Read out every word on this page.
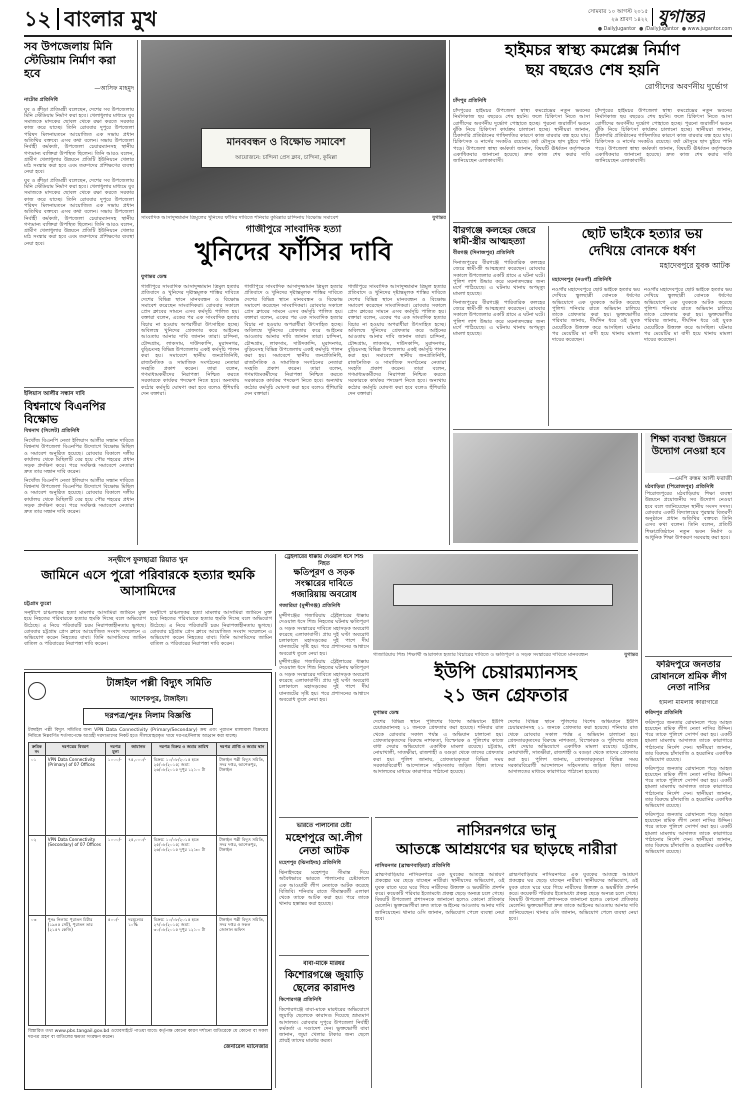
১২ বাংলার মুখ	সোমবার ১০ আগস্ট ২০১৫
২৬ শ্রাবণ ১৪২২ যুগান্তর
● DailyJugantor ● /DailyJugantor ● www.jugantor.com
সব উপজেলায় মিনি স্টেডিয়াম নির্মাণ করা হবে
—আসিফ মাহমুদ
নাটোর প্রতিনিধি
যুব ও ক্রীড়া প্রতিমন্ত্রী বলেছেন, দেশের সব উপজেলায় মিনি স্টেডিয়াম নির্মাণ করা হবে। খেলাধুলার মাধ্যমে যুব সমাজকে মাদকের ছোবল থেকে রক্ষা করতে সরকার কাজ করে যাচ্ছে। তিনি রোববার দুপুরে উপজেলা পরিষদ মিলনায়তনে আয়োজিত এক সভায় প্রধান অতিথির বক্তব্যে এসব কথা বলেন। সভায় উপজেলা নির্বাহী কর্মকর্তা, উপজেলা চেয়ারম্যানসহ স্থানীয় গণ্যমান্য ব্যক্তিরা উপস্থিত ছিলেন। তিনি আরও বলেন, গ্রামীণ খেলাধুলার উন্নয়নে প্রতিটি ইউনিয়নে খেলার মাঠ সংস্কার করা হবে এবং তরুণদের প্রশিক্ষণের ব্যবস্থা নেয়া হবে।
যুব ও ক্রীড়া প্রতিমন্ত্রী বলেছেন, দেশের সব উপজেলায় মিনি স্টেডিয়াম নির্মাণ করা হবে। খেলাধুলার মাধ্যমে যুব সমাজকে মাদকের ছোবল থেকে রক্ষা করতে সরকার কাজ করে যাচ্ছে। তিনি রোববার দুপুরে উপজেলা পরিষদ মিলনায়তনে আয়োজিত এক সভায় প্রধান অতিথির বক্তব্যে এসব কথা বলেন। সভায় উপজেলা নির্বাহী কর্মকর্তা, উপজেলা চেয়ারম্যানসহ স্থানীয় গণ্যমান্য ব্যক্তিরা উপস্থিত ছিলেন। তিনি আরও বলেন, গ্রামীণ খেলাধুলার উন্নয়নে প্রতিটি ইউনিয়নে খেলার মাঠ সংস্কার করা হবে এবং তরুণদের প্রশিক্ষণের ব্যবস্থা নেয়া হবে।
ইলিয়াস আলীর সন্ধান দাবি
বিশ্বনাথে বিএনপির বিক্ষোভ
বিশ্বনাথ (সিলেট) প্রতিনিধি
নিখোঁজ বিএনপি নেতা ইলিয়াস আলীর সন্ধান দাবিতে বিশ্বনাথ উপজেলা বিএনপির উদ্যোগে বিক্ষোভ মিছিল ও সমাবেশ অনুষ্ঠিত হয়েছে। রোববার বিকালে দলীয় কার্যালয় থেকে মিছিলটি বের হয়ে পৌর শহরের প্রধান সড়ক প্রদক্ষিণ করে। পরে সংক্ষিপ্ত সমাবেশে নেতারা দ্রুত তার সন্ধান দাবি করেন।
নিখোঁজ বিএনপি নেতা ইলিয়াস আলীর সন্ধান দাবিতে বিশ্বনাথ উপজেলা বিএনপির উদ্যোগে বিক্ষোভ মিছিল ও সমাবেশ অনুষ্ঠিত হয়েছে। রোববার বিকালে দলীয় কার্যালয় থেকে মিছিলটি বের হয়ে পৌর শহরের প্রধান সড়ক প্রদক্ষিণ করে। পরে সংক্ষিপ্ত সমাবেশে নেতারা দ্রুত তার সন্ধান দাবি করেন।
মানববন্ধন ও বিক্ষোভ সমাবেশ
আয়োজনে: চান্দিনা প্রেস ক্লাব, চান্দিনা, কুমিল্লা
সাংবাদিক আসাদুজ্জামান ত্রিমুলের খুনিদের ফাঁসির দাবিতে শনিবার কুমিল্লার চান্দিনায় বিক্ষোভ সমাবেশ	যুগান্তর
গাজীপুরে সাংবাদিক হত্যা
খুনিদের ফাঁসির দাবি
যুগান্তর ডেস্ক
গাজীপুরে সাংবাদিক আসাদুজ্জামান ত্রিমুল হত্যার প্রতিবাদে ও খুনিদের দৃষ্টান্তমূলক শাস্তির দাবিতে দেশের বিভিন্ন স্থানে মানববন্ধন ও বিক্ষোভ সমাবেশ করেছেন সাংবাদিকরা। রোববার সকালে প্রেস ক্লাবের সামনে এসব কর্মসূচি পালিত হয়। বক্তারা বলেন, একের পর এক সাংবাদিক হত্যার বিচার না হওয়ায় অপরাধীরা উৎসাহিত হচ্ছে। অবিলম্বে খুনিদের গ্রেফতার করে আইনের আওতায় আনার দাবি জানান তারা। চান্দিনা, চৌদ্দগ্রাম, লাকসাম, দাউদকান্দি, মুরাদনগর, বুড়িচংসহ বিভিন্ন উপজেলায় একই কর্মসূচি পালন করা হয়। সমাবেশে স্থানীয় জনপ্রতিনিধি, রাজনৈতিক ও সামাজিক সংগঠনের নেতারা সংহতি প্রকাশ করেন। তারা বলেন, গণমাধ্যমকর্মীদের নিরাপত্তা নিশ্চিত করতে সরকারকে কার্যকর পদক্ষেপ নিতে হবে। অন্যথায় কঠোর কর্মসূচি ঘোষণা করা হবে বলেও হুঁশিয়ারি দেন বক্তারা।
গাজীপুরে সাংবাদিক আসাদুজ্জামান ত্রিমুল হত্যার প্রতিবাদে ও খুনিদের দৃষ্টান্তমূলক শাস্তির দাবিতে দেশের বিভিন্ন স্থানে মানববন্ধন ও বিক্ষোভ সমাবেশ করেছেন সাংবাদিকরা। রোববার সকালে প্রেস ক্লাবের সামনে এসব কর্মসূচি পালিত হয়। বক্তারা বলেন, একের পর এক সাংবাদিক হত্যার বিচার না হওয়ায় অপরাধীরা উৎসাহিত হচ্ছে। অবিলম্বে খুনিদের গ্রেফতার করে আইনের আওতায় আনার দাবি জানান তারা। চান্দিনা, চৌদ্দগ্রাম, লাকসাম, দাউদকান্দি, মুরাদনগর, বুড়িচংসহ বিভিন্ন উপজেলায় একই কর্মসূচি পালন করা হয়। সমাবেশে স্থানীয় জনপ্রতিনিধি, রাজনৈতিক ও সামাজিক সংগঠনের নেতারা সংহতি প্রকাশ করেন। তারা বলেন, গণমাধ্যমকর্মীদের নিরাপত্তা নিশ্চিত করতে সরকারকে কার্যকর পদক্ষেপ নিতে হবে। অন্যথায় কঠোর কর্মসূচি ঘোষণা করা হবে বলেও হুঁশিয়ারি দেন বক্তারা।
গাজীপুরে সাংবাদিক আসাদুজ্জামান ত্রিমুল হত্যার প্রতিবাদে ও খুনিদের দৃষ্টান্তমূলক শাস্তির দাবিতে দেশের বিভিন্ন স্থানে মানববন্ধন ও বিক্ষোভ সমাবেশ করেছেন সাংবাদিকরা। রোববার সকালে প্রেস ক্লাবের সামনে এসব কর্মসূচি পালিত হয়। বক্তারা বলেন, একের পর এক সাংবাদিক হত্যার বিচার না হওয়ায় অপরাধীরা উৎসাহিত হচ্ছে। অবিলম্বে খুনিদের গ্রেফতার করে আইনের আওতায় আনার দাবি জানান তারা। চান্দিনা, চৌদ্দগ্রাম, লাকসাম, দাউদকান্দি, মুরাদনগর, বুড়িচংসহ বিভিন্ন উপজেলায় একই কর্মসূচি পালন করা হয়। সমাবেশে স্থানীয় জনপ্রতিনিধি, রাজনৈতিক ও সামাজিক সংগঠনের নেতারা সংহতি প্রকাশ করেন। তারা বলেন, গণমাধ্যমকর্মীদের নিরাপত্তা নিশ্চিত করতে সরকারকে কার্যকর পদক্ষেপ নিতে হবে। অন্যথায় কঠোর কর্মসূচি ঘোষণা করা হবে বলেও হুঁশিয়ারি দেন বক্তারা।
হাইমচর স্বাস্থ্য কমপ্লেক্স নির্মাণ
ছয় বছরেও শেষ হয়নি
রোগীদের অবর্ণনীয় দুর্ভোগ
চাঁদপুর প্রতিনিধি
চাঁদপুরের হাইমচর উপজেলা স্বাস্থ্য কমপ্লেক্সের নতুন ভবনের নির্মাণকাজ ছয় বছরেও শেষ হয়নি। ফলে চিকিৎসা নিতে আসা রোগীদের অবর্ণনীয় দুর্ভোগ পোহাতে হচ্ছে। পুরনো জরাজীর্ণ ভবনে ঝুঁকি নিয়ে চিকিৎসা কার্যক্রম চালানো হচ্ছে। স্থানীয়রা জানান, ঠিকাদারি প্রতিষ্ঠানের গাফিলতির কারণে কাজ বারবার বন্ধ হয়ে যায়। চিকিৎসক ও নার্সের সংকটও রয়েছে। বর্ষা মৌসুমে ছাদ চুইয়ে পানি পড়ে। উপজেলা স্বাস্থ্য কর্মকর্তা জানান, বিষয়টি ঊর্ধ্বতন কর্তৃপক্ষকে একাধিকবার জানানো হয়েছে। দ্রুত কাজ শেষ করার দাবি জানিয়েছেন এলাকাবাসী।
চাঁদপুরের হাইমচর উপজেলা স্বাস্থ্য কমপ্লেক্সের নতুন ভবনের নির্মাণকাজ ছয় বছরেও শেষ হয়নি। ফলে চিকিৎসা নিতে আসা রোগীদের অবর্ণনীয় দুর্ভোগ পোহাতে হচ্ছে। পুরনো জরাজীর্ণ ভবনে ঝুঁকি নিয়ে চিকিৎসা কার্যক্রম চালানো হচ্ছে। স্থানীয়রা জানান, ঠিকাদারি প্রতিষ্ঠানের গাফিলতির কারণে কাজ বারবার বন্ধ হয়ে যায়। চিকিৎসক ও নার্সের সংকটও রয়েছে। বর্ষা মৌসুমে ছাদ চুইয়ে পানি পড়ে। উপজেলা স্বাস্থ্য কর্মকর্তা জানান, বিষয়টি ঊর্ধ্বতন কর্তৃপক্ষকে একাধিকবার জানানো হয়েছে। দ্রুত কাজ শেষ করার দাবি জানিয়েছেন এলাকাবাসী।
বীরগঞ্জে কলহের জেরে স্বামী-স্ত্রীর আত্মহত্যা
বীরগঞ্জ (দিনাজপুর) প্রতিনিধি
দিনাজপুরের বীরগঞ্জে পারিবারিক কলহের জেরে স্বামী-স্ত্রী আত্মহত্যা করেছেন। রোববার সকালে উপজেলার একটি গ্রামে এ ঘটনা ঘটে। পুলিশ লাশ উদ্ধার করে ময়নাতদন্তের জন্য মর্গে পাঠিয়েছে। এ ঘটনায় থানায় অপমৃত্যু মামলা হয়েছে।
দিনাজপুরের বীরগঞ্জে পারিবারিক কলহের জেরে স্বামী-স্ত্রী আত্মহত্যা করেছেন। রোববার সকালে উপজেলার একটি গ্রামে এ ঘটনা ঘটে। পুলিশ লাশ উদ্ধার করে ময়নাতদন্তের জন্য মর্গে পাঠিয়েছে। এ ঘটনায় থানায় অপমৃত্যু মামলা হয়েছে।
ছোট ভাইকে হত্যার ভয়
দেখিয়ে বোনকে ধর্ষণ
মহাদেবপুরে যুবক আটক
মহাদেবপুর (নওগাঁ) প্রতিনিধি
নওগাঁর মহাদেবপুরে ছোট ভাইকে হত্যার ভয় দেখিয়ে স্কুলছাত্রী বোনকে ধর্ষণের অভিযোগে এক যুবককে আটক করেছে পুলিশ। শনিবার রাতে অভিযান চালিয়ে তাকে গ্রেফতার করা হয়। ভুক্তভোগীর পরিবার জানায়, দীর্ঘদিন ধরে ওই যুবক মেয়েটিকে উত্ত্যক্ত করে আসছিল। ঘটনার পর মেয়েটির মা বাদী হয়ে থানায় মামলা দায়ের করেছেন।
নওগাঁর মহাদেবপুরে ছোট ভাইকে হত্যার ভয় দেখিয়ে স্কুলছাত্রী বোনকে ধর্ষণের অভিযোগে এক যুবককে আটক করেছে পুলিশ। শনিবার রাতে অভিযান চালিয়ে তাকে গ্রেফতার করা হয়। ভুক্তভোগীর পরিবার জানায়, দীর্ঘদিন ধরে ওই যুবক মেয়েটিকে উত্ত্যক্ত করে আসছিল। ঘটনার পর মেয়েটির মা বাদী হয়ে থানায় মামলা দায়ের করেছেন।
শিক্ষা ব্যবস্থা উন্নয়নে উদ্যোগ নেওয়া হবে
—এমপি রুস্তম আলী ফরাজী
মঠবাড়িয়া (পিরোজপুর) প্রতিনিধি
পিরোজপুরের মঠবাড়িয়ায় শিক্ষা ব্যবস্থা উন্নয়নে প্রয়োজনীয় সব উদ্যোগ নেওয়া হবে বলে জানিয়েছেন স্থানীয় সংসদ সদস্য। রোববার একটি বিদ্যালয়ের পুরস্কার বিতরণী অনুষ্ঠানে প্রধান অতিথির বক্তব্যে তিনি এসব কথা বলেন। তিনি বলেন, প্রতিটি শিক্ষাপ্রতিষ্ঠানে নতুন ভবন নির্মাণ ও আধুনিক শিক্ষা উপকরণ সরবরাহ করা হবে।
ফরিদপুরে জনতার রোষানলে শ্রমিক লীগ নেতা নাসির
হামলা মামলায় কারাগারে
ফরিদপুর প্রতিনিধি
ফরিদপুরে জনতার রোষানলে পড়ে আহত হয়েছেন শ্রমিক লীগ নেতা নাসির উদ্দিন। পরে তাকে পুলিশে সোপর্দ করা হয়। একটি হামলা মামলায় আদালত তাকে কারাগারে পাঠানোর নির্দেশ দেন। স্থানীয়রা জানান, তার বিরুদ্ধে চাঁদাবাজি ও হয়রানির একাধিক অভিযোগ রয়েছে।
ফরিদপুরে জনতার রোষানলে পড়ে আহত হয়েছেন শ্রমিক লীগ নেতা নাসির উদ্দিন। পরে তাকে পুলিশে সোপর্দ করা হয়। একটি হামলা মামলায় আদালত তাকে কারাগারে পাঠানোর নির্দেশ দেন। স্থানীয়রা জানান, তার বিরুদ্ধে চাঁদাবাজি ও হয়রানির একাধিক অভিযোগ রয়েছে।
ফরিদপুরে জনতার রোষানলে পড়ে আহত হয়েছেন শ্রমিক লীগ নেতা নাসির উদ্দিন। পরে তাকে পুলিশে সোপর্দ করা হয়। একটি হামলা মামলায় আদালত তাকে কারাগারে পাঠানোর নির্দেশ দেন। স্থানীয়রা জানান, তার বিরুদ্ধে চাঁদাবাজি ও হয়রানির একাধিক অভিযোগ রয়েছে।
সন্দ্বীপে ফুলছাত্রা রিয়াত খুন
জামিনে এসে পুরো পরিবারকে হত্যার হুমকি আসামিদের
চট্টগ্রাম ব্যুরো
সন্দ্বীপে চাঞ্চল্যকর হত্যা মামলার আসামিরা জামিনে মুক্ত হয়ে নিহতের পরিবারকে হত্যার হুমকি দিচ্ছে বলে অভিযোগ উঠেছে। এ নিয়ে পরিবারটি চরম নিরাপত্তাহীনতায় ভুগছে। রোববার চট্টগ্রাম প্রেস ক্লাবে আয়োজিত সংবাদ সম্মেলনে এ অভিযোগ করেন নিহতের বাবা। তিনি আসামিদের জামিন বাতিল ও পরিবারের নিরাপত্তা দাবি করেন।
সন্দ্বীপে চাঞ্চল্যকর হত্যা মামলার আসামিরা জামিনে মুক্ত হয়ে নিহতের পরিবারকে হত্যার হুমকি দিচ্ছে বলে অভিযোগ উঠেছে। এ নিয়ে পরিবারটি চরম নিরাপত্তাহীনতায় ভুগছে। রোববার চট্টগ্রাম প্রেস ক্লাবে আয়োজিত সংবাদ সম্মেলনে এ অভিযোগ করেন নিহতের বাবা। তিনি আসামিদের জামিন বাতিল ও পরিবারের নিরাপত্তা দাবি করেন।
ট্রেইলারের ধাক্কায় দেওয়াল ধসে শিশু নিহত
ক্ষতিপূরণ ও সড়ক সংস্কারের দাবিতে গজারিয়ায় অবরোধ
গজারিয়া (মুন্সীগঞ্জ) প্রতিনিধি
মুন্সীগঞ্জের গজারিয়ায় ট্রেইলারের ধাক্কায় দেওয়াল ধসে শিশু নিহতের ঘটনায় ক্ষতিপূরণ ও সড়ক সংস্কারের দাবিতে মহাসড়ক অবরোধ করেছে এলাকাবাসী। প্রায় দুই ঘণ্টা অবরোধ চলাকালে মহাসড়কের দুই পাশে দীর্ঘ যানজটের সৃষ্টি হয়। পরে প্রশাসনের আশ্বাসে অবরোধ তুলে নেয়া হয়।
মুন্সীগঞ্জের গজারিয়ায় ট্রেইলারের ধাক্কায় দেওয়াল ধসে শিশু নিহতের ঘটনায় ক্ষতিপূরণ ও সড়ক সংস্কারের দাবিতে মহাসড়ক অবরোধ করেছে এলাকাবাসী। প্রায় দুই ঘণ্টা অবরোধ চলাকালে মহাসড়কের দুই পাশে দীর্ঘ যানজটের সৃষ্টি হয়। পরে প্রশাসনের আশ্বাসে অবরোধ তুলে নেয়া হয়।
গাজারিয়ায় শিশু শিক্ষার্থী আরাফাত হত্যার বিচারের দাবিতে ও ক্ষতিপূরণ ও সড়ক সংস্কারের দাবিতে মানববন্ধন	যুগান্তর
ইউপি চেয়ারম্যানসহ
২১ জন গ্রেফতার
যুগান্তর ডেস্ক
দেশের বিভিন্ন স্থানে পুলিশের বিশেষ অভিযানে ইউপি চেয়ারম্যানসহ ২১ জনকে গ্রেফতার করা হয়েছে। শনিবার রাত থেকে রোববার সকাল পর্যন্ত এ অভিযান চালানো হয়। গ্রেফতারকৃতদের বিরুদ্ধে নাশকতা, বিস্ফোরক ও পুলিশের কাজে বাধা দেয়ার অভিযোগে একাধিক মামলা রয়েছে। চট্টগ্রাম, নোয়াখালী, সাতক্ষীরা, রাজশাহী ও বগুড়া থেকে তাদের গ্রেফতার করা হয়। পুলিশ জানায়, গ্রেফতারকৃতরা বিভিন্ন সময় সরকারবিরোধী আন্দোলনে সহিংসতায় জড়িত ছিল। তাদের আদালতের মাধ্যমে কারাগারে পাঠানো হয়েছে।
দেশের বিভিন্ন স্থানে পুলিশের বিশেষ অভিযানে ইউপি চেয়ারম্যানসহ ২১ জনকে গ্রেফতার করা হয়েছে। শনিবার রাত থেকে রোববার সকাল পর্যন্ত এ অভিযান চালানো হয়। গ্রেফতারকৃতদের বিরুদ্ধে নাশকতা, বিস্ফোরক ও পুলিশের কাজে বাধা দেয়ার অভিযোগে একাধিক মামলা রয়েছে। চট্টগ্রাম, নোয়াখালী, সাতক্ষীরা, রাজশাহী ও বগুড়া থেকে তাদের গ্রেফতার করা হয়। পুলিশ জানায়, গ্রেফতারকৃতরা বিভিন্ন সময় সরকারবিরোধী আন্দোলনে সহিংসতায় জড়িত ছিল। তাদের আদালতের মাধ্যমে কারাগারে পাঠানো হয়েছে।
টাঙ্গাইল পল্লী বিদ্যুৎ সমিতি
আশেকপুর, টাঙ্গাইল।
দরপত্র/পুনঃ নিলাম বিজ্ঞপ্তি
টাঙ্গাইল পল্লী বিদ্যুৎ সমিতির জন্য VPN Data Connectivity (Primary/Secondary) ক্রয় এবং পুরাতন মালামাল বিক্রয়ের নিমিত্তে নিম্নবর্ণিত শর্তসাপেক্ষে আগ্রহী দরদাতাদের নিকট হতে সীলমোহরকৃত খামে দরপত্র/নিলাম আহ্বান করা যাচ্ছে।
ক্রমিক নং	দরপত্রের বিবরণ	দরপত্র মূল্য	জামানত	দরপত্র বিক্রয় ও জমার তারিখ	দরপত্র প্রাপ্তি ও জমার স্থান
০১	VPN Data Connectivity (Primary) of 07 Offices	১০০০/-	৭৫,০০০/-	বিক্রয়: ১০/০৮/২০১৫ হতে ২৫/০৮/২০১৫; জমা: ২৬/০৮/২০১৫ দুপুর ১২:০০ টা	টাঙ্গাইল পল্লী বিদ্যুৎ সমিতি, সদর দপ্তর, আশেকপুর, টাঙ্গাইল
০২	VPN Data Connectivity (Secondary) of 07 Offices	১০০০/-	২৫,০০০/-	বিক্রয়: ১০/০৮/২০১৫ হতে ২৫/০৮/২০১৫; জমা: ২৬/০৮/২০১৫ দুপুর ১২:৩০ টা	টাঙ্গাইল পল্লী বিদ্যুৎ সমিতি, সদর দপ্তর, আশেকপুর, টাঙ্গাইল
০৩	পুনঃ নিলাম: পুরাতন মিটার (১৯৪৫ সেট), পুরাতন তার (২১৫৭ কেজি)	৫০০/-	দরমূল্যের ১০%	বিক্রয়: ১০/০৮/২০১৫ হতে ২৭/০৮/২০১৫; জমা: ৩০/০৮/২০১৫ দুপুর ১২:০০ টা	টাঙ্গাইল পল্লী বিদ্যুৎ সমিতি, সদর দপ্তর ও সকল জোনাল অফিস
বিস্তারিত তথ্য www.pbs.tangail.gov.bd ওয়েবসাইটে পাওয়া যাবে। কর্তৃপক্ষ কোনো কারণ দর্শানো ব্যতিরেকে যে কোনো বা সকল দরপত্র গ্রহণ বা বাতিলের ক্ষমতা সংরক্ষণ করেন।
জেনারেল ম্যানেজার
ভারতে পালানোর চেষ্টা
মহেশপুরে আ.লীগ নেতা আটক
মহেশপুর (ঝিনাইদহ) প্রতিনিধি
ঝিনাইদহের মহেশপুর সীমান্ত দিয়ে অবৈধভাবে ভারতে পালানোর চেষ্টাকালে এক আওয়ামী লীগ নেতাকে আটক করেছে বিজিবি। শনিবার রাতে সীমান্তবর্তী এলাকা থেকে তাকে আটক করা হয়। পরে তাকে থানায় হস্তান্তর করা হয়েছে।
বাবা-মাকে মারধর
কিশোরগঞ্জে জুয়াড়ি ছেলের কারাদণ্ড
কিশোরগঞ্জ প্রতিনিধি
কিশোরগঞ্জে বাবা-মাকে মারধরের অভিযোগে জুয়াড়ি ছেলেকে কারাদণ্ড দিয়েছে ভ্রাম্যমাণ আদালত। রোববার দুপুরে উপজেলা নির্বাহী কর্মকর্তা এ দণ্ডাদেশ দেন। ভুক্তভোগী বাবা জানান, জুয়া খেলার টাকার জন্য ছেলে প্রায়ই তাদের মারধর করত।
নাসিরনগরে ভানু
আতঙ্কে আশ্রয়ণের ঘর ছাড়ছে নারীরা
নাসিরনগর (ব্রাহ্মণবাড়িয়া) প্রতিনিধি
ব্রাহ্মণবাড়িয়ার নাসিরনগরে এক যুবকের আতঙ্কে আশ্রয়ণ প্রকল্পের ঘর ছেড়ে যাচ্ছেন নারীরা। স্থানীয়দের অভিযোগ, ওই যুবক রাতে ঘরে ঘরে গিয়ে নারীদের উত্ত্যক্ত ও ভয়ভীতি প্রদর্শন করে। কয়েকটি পরিবার ইতোমধ্যে প্রকল্প ছেড়ে অন্যত্র চলে গেছে। বিষয়টি উপজেলা প্রশাসনকে জানানো হলেও কোনো প্রতিকার মেলেনি। ভুক্তভোগীরা দ্রুত তাকে আইনের আওতায় আনার দাবি জানিয়েছেন। থানার ওসি জানান, অভিযোগ পেলে ব্যবস্থা নেয়া হবে।
ব্রাহ্মণবাড়িয়ার নাসিরনগরে এক যুবকের আতঙ্কে আশ্রয়ণ প্রকল্পের ঘর ছেড়ে যাচ্ছেন নারীরা। স্থানীয়দের অভিযোগ, ওই যুবক রাতে ঘরে ঘরে গিয়ে নারীদের উত্ত্যক্ত ও ভয়ভীতি প্রদর্শন করে। কয়েকটি পরিবার ইতোমধ্যে প্রকল্প ছেড়ে অন্যত্র চলে গেছে। বিষয়টি উপজেলা প্রশাসনকে জানানো হলেও কোনো প্রতিকার মেলেনি। ভুক্তভোগীরা দ্রুত তাকে আইনের আওতায় আনার দাবি জানিয়েছেন। থানার ওসি জানান, অভিযোগ পেলে ব্যবস্থা নেয়া হবে।
